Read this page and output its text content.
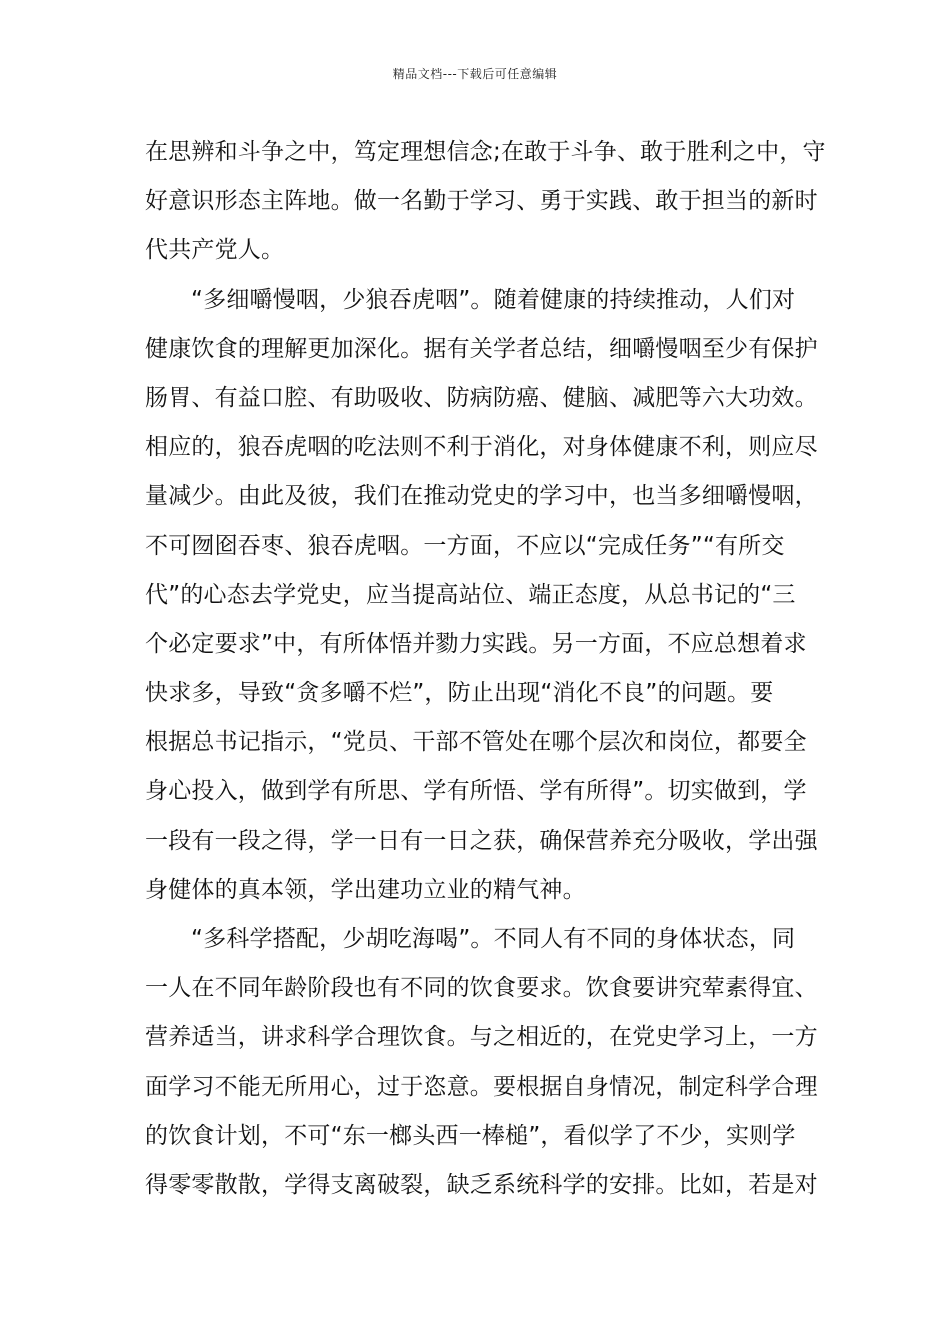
精品文档---下载后可任意编辑
在思辨和斗争之中，笃定理想信念;在敢于斗争、敢于胜利之中，守
好意识形态主阵地。做一名勤于学习、勇于实践、敢于担当的新时
代共产党人。
“多细嚼慢咽，少狼吞虎咽”。随着健康的持续推动，人们对
健康饮食的理解更加深化。据有关学者总结，细嚼慢咽至少有保护
肠胃、有益口腔、有助吸收、防病防癌、健脑、减肥等六大功效。
相应的，狼吞虎咽的吃法则不利于消化，对身体健康不利，则应尽
量减少。由此及彼，我们在推动党史的学习中，也当多细嚼慢咽，
不可囫囵吞枣、狼吞虎咽。一方面，不应以“完成任务”“有所交
代”的心态去学党史，应当提高站位、端正态度，从总书记的“三
个必定要求”中，有所体悟并勠力实践。另一方面，不应总想着求
快求多，导致“贪多嚼不烂”，防止出现“消化不良”的问题。要
根据总书记指示，“党员、干部不管处在哪个层次和岗位，都要全
身心投入，做到学有所思、学有所悟、学有所得”。切实做到，学
一段有一段之得，学一日有一日之获，确保营养充分吸收，学出强
身健体的真本领，学出建功立业的精气神。
“多科学搭配，少胡吃海喝”。不同人有不同的身体状态，同
一人在不同年龄阶段也有不同的饮食要求。饮食要讲究荤素得宜、
营养适当，讲求科学合理饮食。与之相近的，在党史学习上，一方
面学习不能无所用心，过于恣意。要根据自身情况，制定科学合理
的饮食计划，不可“东一榔头西一棒槌”，看似学了不少，实则学
得零零散散，学得支离破裂，缺乏系统科学的安排。比如，若是对
